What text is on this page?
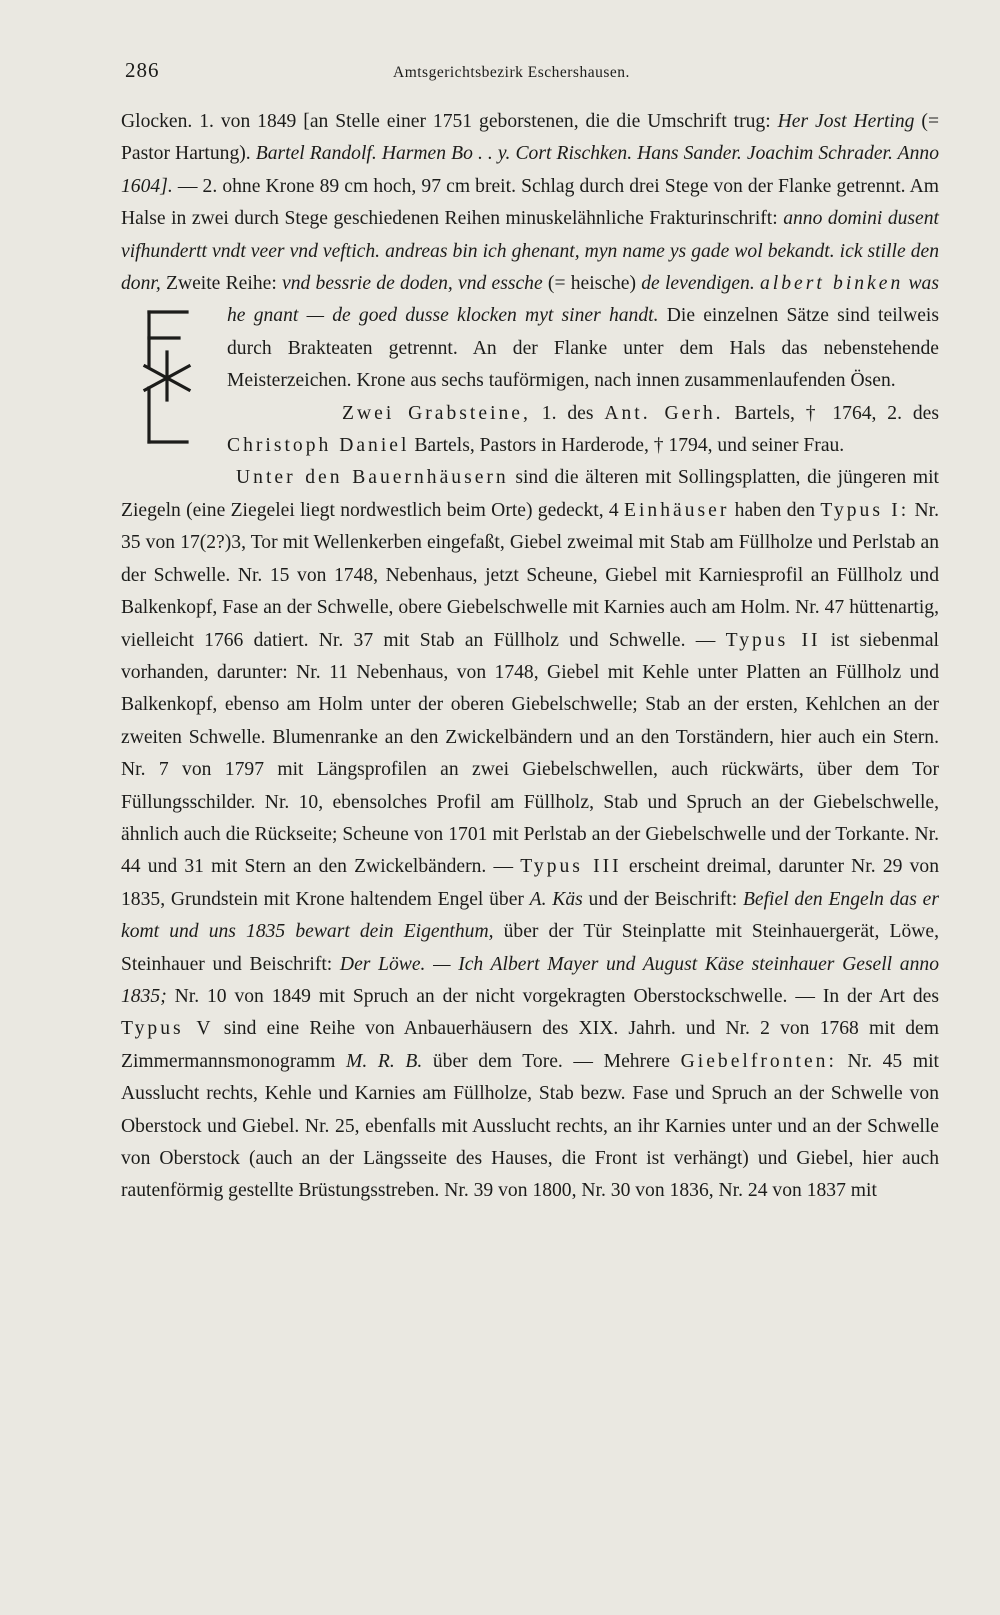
286	Amtsgerichtsbezirk Eschershausen.

Glocken. 1. von 1849 [an Stelle einer 1751 geborstenen, die die Umschrift trug: Her Jost Herting (= Pastor Hartung). Bartel Randolf. Harmen Bo . . y. Cort Rischken. Hans Sander. Joachim Schrader. Anno 1604]. — 2. ohne Krone 89 cm hoch, 97 cm breit. Schlag durch drei Stege von der Flanke getrennt. Am Halse in zwei durch Stege geschiedenen Reihen minuskelähnliche Frakturinschrift: anno domini dusent vifhundertt vndt veer vnd veftich. andreas bin ich ghenant, myn name ys gade wol bekandt. ick stille den donr, Zweite Reihe: vnd bessrie de doden, vnd essche (= heische) de levendigen. albert binken was he gnant — de goed dusse klocken myt siner handt.
Die einzelnen Sätze sind teilweis durch Brakteaten getrennt. An der Flanke unter dem Hals das nebenstehende Meisterzeichen. Krone aus sechs tauförmigen, nach innen zusammenlaufenden Ösen.

Zwei Grabsteine, 1. des Ant. Gerh. Bartels, † 1764, 2. des Christoph Daniel Bartels, Pastors in Harderode, † 1794, und seiner Frau.

Unter den Bauernhäusern sind die älteren mit Sollingsplatten, die jüngeren mit Ziegeln (eine Ziegelei liegt nordwestlich beim Orte) gedeckt, 4 Einhäuser haben den Typus I: Nr. 35 von 17(2?)3, Tor mit Wellenkerben eingefaßt, Giebel zweimal mit Stab am Füllholze und Perlstab an der Schwelle. Nr. 15 von 1748, Nebenhaus, jetzt Scheune, Giebel mit Karniesprofil an Füllholz und Balkenkopf, Fase an der Schwelle, obere Giebelschwelle mit Karnies auch am Holm. Nr. 47 hüttenartig, vielleicht 1766 datiert. Nr. 37 mit Stab an Füllholz und Schwelle. — Typus II ist siebenmal vorhanden, darunter: Nr. 11 Nebenhaus, von 1748, Giebel mit Kehle unter Platten an Füllholz und Balkenkopf, ebenso am Holm unter der oberen Giebelschwelle; Stab an der ersten, Kehlchen an der zweiten Schwelle. Blumenranke an den Zwickelbändern und an den Torständern, hier auch ein Stern. Nr. 7 von 1797 mit Längsprofilen an zwei Giebelschwellen, auch rückwärts, über dem Tor Füllungsschilder. Nr. 10, ebensolches Profil am Füllholz, Stab und Spruch an der Giebelschwelle, ähnlich auch die Rückseite; Scheune von 1701 mit Perlstab an der Giebelschwelle und der Torkante. Nr. 44 und 31 mit Stern an den Zwickelbändern. — Typus III erscheint dreimal, darunter Nr. 29 von 1835, Grundstein mit Krone haltendem Engel über A. Käs und der Beischrift: Befiel den Engeln das er komt und uns 1835 bewart dein Eigenthum, über der Tür Steinplatte mit Steinhauergerät, Löwe, Steinhauer und Beischrift: Der Löwe. — Ich Albert Mayer und August Käse steinhauer Gesell anno 1835; Nr. 10 von 1849 mit Spruch an der nicht vorgekragten Oberstockschwelle. — In der Art des Typus V sind eine Reihe von Anbauerhäusern des XIX. Jahrh. und Nr. 2 von 1768 mit dem Zimmermannsmonogramm M. R. B. über dem Tore. — Mehrere Giebelfronten: Nr. 45 mit Ausslucht rechts, Kehle und Karnies am Füllholze, Stab bezw. Fase und Spruch an der Schwelle von Oberstock und Giebel. Nr. 25, ebenfalls mit Ausslucht rechts, an ihr Karnies unter und an der Schwelle von Oberstock (auch an der Längsseite des Hauses, die Front ist verhängt) und Giebel, hier auch rautenförmig gestellte Brüstungsstreben. Nr. 39 von 1800, Nr. 30 von 1836, Nr. 24 von 1837 mit
